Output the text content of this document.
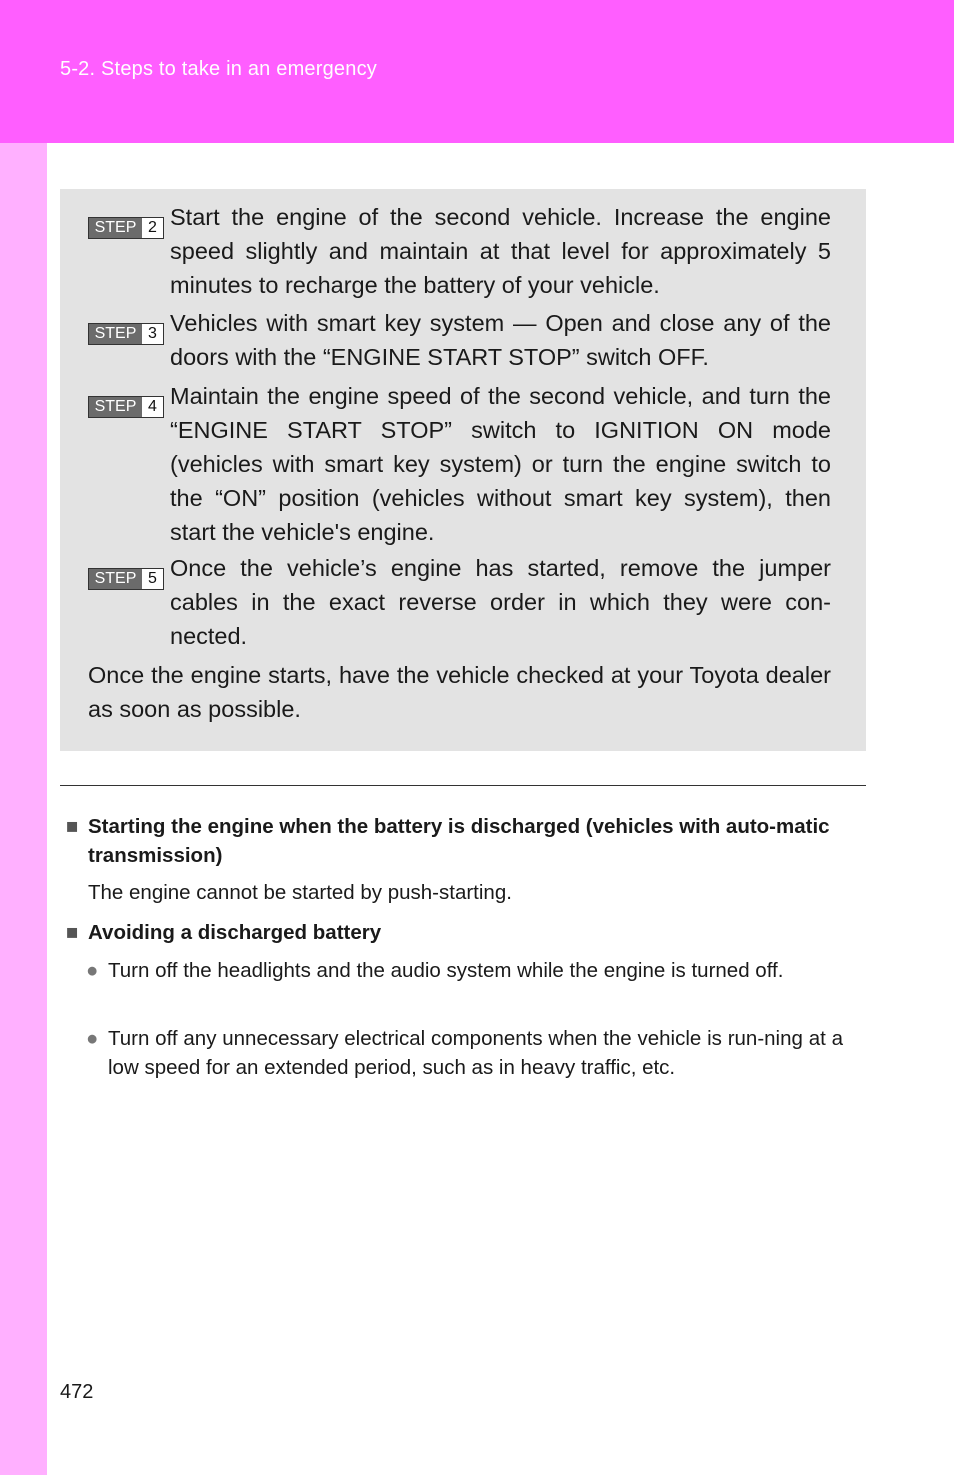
5-2. Steps to take in an emergency
STEP 2 Start the engine of the second vehicle. Increase the engine speed slightly and maintain at that level for approximately 5 minutes to recharge the battery of your vehicle.
STEP 3 Vehicles with smart key system — Open and close any of the doors with the “ENGINE START STOP” switch OFF.
STEP 4 Maintain the engine speed of the second vehicle, and turn the “ENGINE START STOP” switch to IGNITION ON mode (vehicles with smart key system) or turn the engine switch to the “ON” position (vehicles without smart key system), then start the vehicle's engine.
STEP 5 Once the vehicle’s engine has started, remove the jumper cables in the exact reverse order in which they were con-nected.
Once the engine starts, have the vehicle checked at your Toyota dealer as soon as possible.
■ Starting the engine when the battery is discharged (vehicles with auto-matic transmission)
The engine cannot be started by push-starting.
■ Avoiding a discharged battery
● Turn off the headlights and the audio system while the engine is turned off.
● Turn off any unnecessary electrical components when the vehicle is run-ning at a low speed for an extended period, such as in heavy traffic, etc.
472
